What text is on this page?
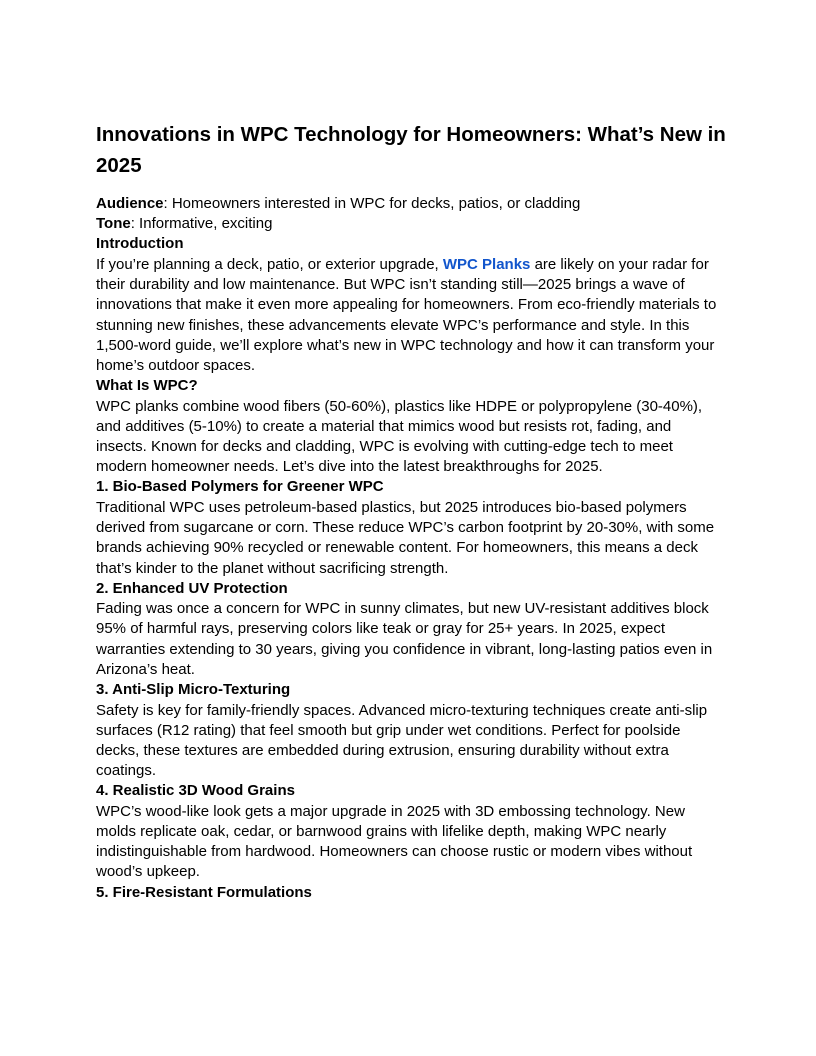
Innovations in WPC Technology for Homeowners: What’s New in 2025
Audience: Homeowners interested in WPC for decks, patios, or cladding
Tone: Informative, exciting
Introduction

If you’re planning a deck, patio, or exterior upgrade, WPC Planks are likely on your radar for their durability and low maintenance. But WPC isn’t standing still—2025 brings a wave of innovations that make it even more appealing for homeowners. From eco-friendly materials to stunning new finishes, these advancements elevate WPC’s performance and style. In this 1,500-word guide, we’ll explore what’s new in WPC technology and how it can transform your home’s outdoor spaces.

What Is WPC?

WPC planks combine wood fibers (50-60%), plastics like HDPE or polypropylene (30-40%), and additives (5-10%) to create a material that mimics wood but resists rot, fading, and insects. Known for decks and cladding, WPC is evolving with cutting-edge tech to meet modern homeowner needs. Let’s dive into the latest breakthroughs for 2025.

1. Bio-Based Polymers for Greener WPC

Traditional WPC uses petroleum-based plastics, but 2025 introduces bio-based polymers derived from sugarcane or corn. These reduce WPC’s carbon footprint by 20-30%, with some brands achieving 90% recycled or renewable content. For homeowners, this means a deck that’s kinder to the planet without sacrificing strength.

2. Enhanced UV Protection

Fading was once a concern for WPC in sunny climates, but new UV-resistant additives block 95% of harmful rays, preserving colors like teak or gray for 25+ years. In 2025, expect warranties extending to 30 years, giving you confidence in vibrant, long-lasting patios even in Arizona’s heat.

3. Anti-Slip Micro-Texturing

Safety is key for family-friendly spaces. Advanced micro-texturing techniques create anti-slip surfaces (R12 rating) that feel smooth but grip under wet conditions. Perfect for poolside decks, these textures are embedded during extrusion, ensuring durability without extra coatings.

4. Realistic 3D Wood Grains

WPC’s wood-like look gets a major upgrade in 2025 with 3D embossing technology. New molds replicate oak, cedar, or barnwood grains with lifelike depth, making WPC nearly indistinguishable from hardwood. Homeowners can choose rustic or modern vibes without wood’s upkeep.

5. Fire-Resistant Formulations
